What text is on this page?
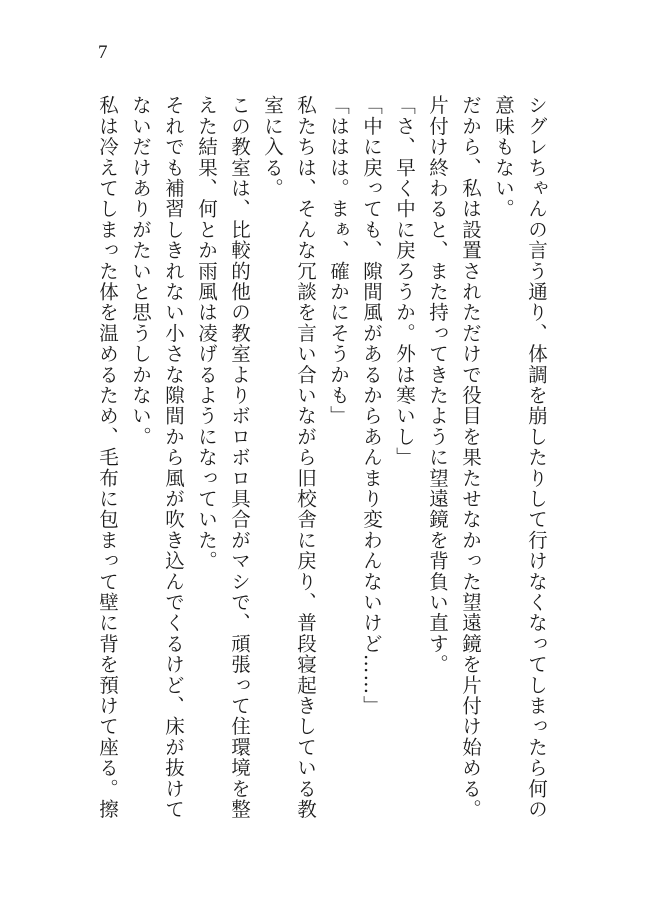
7
シグレちゃんの言う通り、体調を崩したりして行けなくなってしまったら何の
意味もない。
だから、私は設置されただけで役目を果たせなかった望遠鏡を片付け始める。
片付け終わると、また持ってきたように望遠鏡を背負い直す。
「さ、早く中に戻ろうか。外は寒いし」
「中に戻っても、隙間風があるからあんまり変わんないけど……」
「ははは。まぁ、確かにそうかも」
私たちは、そんな冗談を言い合いながら旧校舎に戻り、普段寝起きしている教
室に入る。
この教室は、比較的他の教室よりボロボロ具合がマシで、頑張って住環境を整
えた結果、何とか雨風は凌げるようになっていた。
それでも補習しきれない小さな隙間から風が吹き込んでくるけど、床が抜けて
ないだけありがたいと思うしかない。
私は冷えてしまった体を温めるため、毛布に包まって壁に背を預けて座る。擦
